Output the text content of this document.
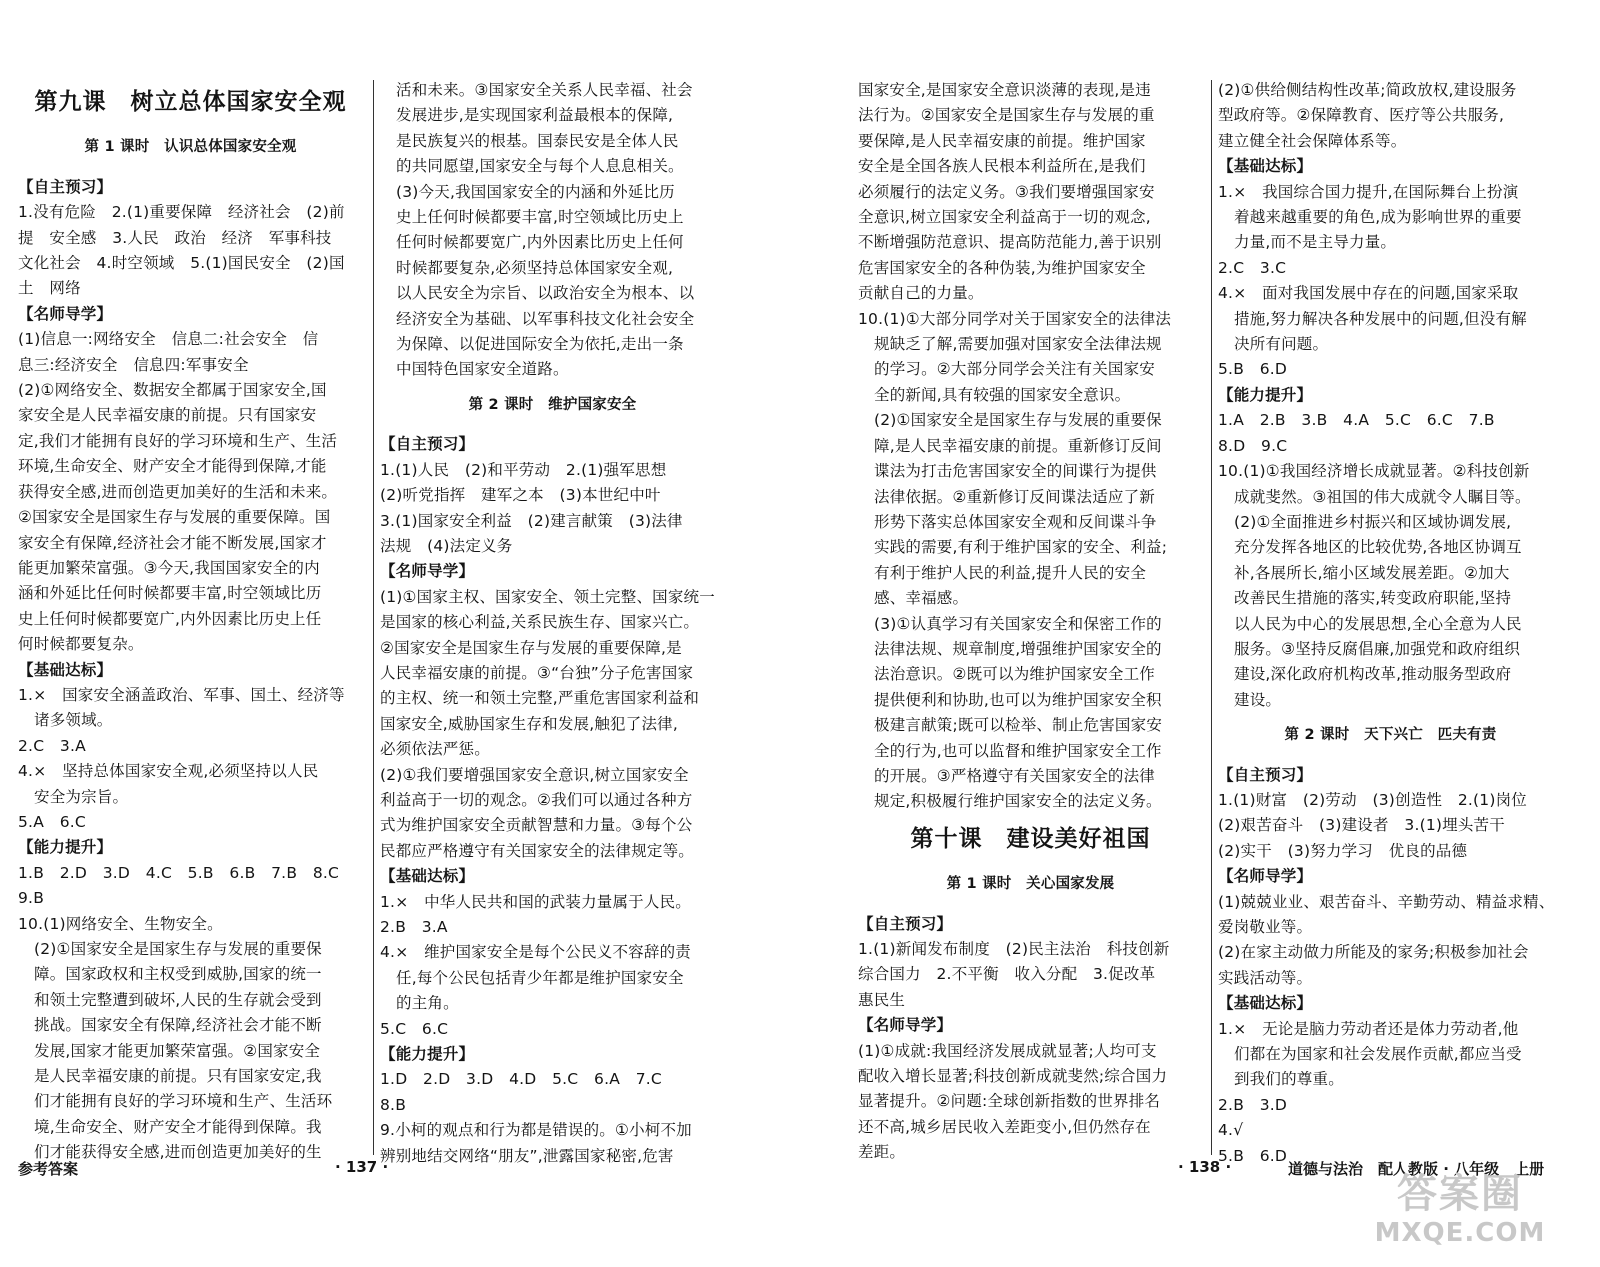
第九课　树立总体国家安全观
第 1 课时　认识总体国家安全观
【自主预习】
1.没有危险　2.(1)重要保障　经济社会　(2)前
提　安全感　3.人民　政治　经济　军事科技
文化社会　4.时空领域　5.(1)国民安全　(2)国
土　网络
【名师导学】
(1)信息一:网络安全　信息二:社会安全　信
息三:经济安全　信息四:军事安全
(2)①网络安全、数据安全都属于国家安全,国
家安全是人民幸福安康的前提。只有国家安
定,我们才能拥有良好的学习环境和生产、生活
环境,生命安全、财产安全才能得到保障,才能
获得安全感,进而创造更加美好的生活和未来。
②国家安全是国家生存与发展的重要保障。国
家安全有保障,经济社会才能不断发展,国家才
能更加繁荣富强。③今天,我国国家安全的内
涵和外延比任何时候都要丰富,时空领域比历
史上任何时候都要宽广,内外因素比历史上任
何时候都要复杂。
【基础达标】
1.×　国家安全涵盖政治、军事、国土、经济等
诸多领域。
2.C　3.A
4.×　坚持总体国家安全观,必须坚持以人民
安全为宗旨。
5.A　6.C
【能力提升】
1.B　2.D　3.D　4.C　5.B　6.B　7.B　8.C
9.B
10.(1)网络安全、生物安全。
(2)①国家安全是国家生存与发展的重要保
障。国家政权和主权受到威胁,国家的统一
和领土完整遭到破坏,人民的生存就会受到
挑战。国家安全有保障,经济社会才能不断
发展,国家才能更加繁荣富强。②国家安全
是人民幸福安康的前提。只有国家安定,我
们才能拥有良好的学习环境和生产、生活环
境,生命安全、财产安全才能得到保障。我
们才能获得安全感,进而创造更加美好的生
活和未来。③国家安全关系人民幸福、社会
发展进步,是实现国家利益最根本的保障,
是民族复兴的根基。国泰民安是全体人民
的共同愿望,国家安全与每个人息息相关。
(3)今天,我国国家安全的内涵和外延比历
史上任何时候都要丰富,时空领域比历史上
任何时候都要宽广,内外因素比历史上任何
时候都要复杂,必须坚持总体国家安全观,
以人民安全为宗旨、以政治安全为根本、以
经济安全为基础、以军事科技文化社会安全
为保障、以促进国际安全为依托,走出一条
中国特色国家安全道路。
第 2 课时　维护国家安全
【自主预习】
1.(1)人民　(2)和平劳动　2.(1)强军思想
(2)听党指挥　建军之本　(3)本世纪中叶
3.(1)国家安全利益　(2)建言献策　(3)法律
法规　(4)法定义务
【名师导学】
(1)①国家主权、国家安全、领土完整、国家统一
是国家的核心利益,关系民族生存、国家兴亡。
②国家安全是国家生存与发展的重要保障,是
人民幸福安康的前提。③“台独”分子危害国家
的主权、统一和领土完整,严重危害国家利益和
国家安全,威胁国家生存和发展,触犯了法律,
必须依法严惩。
(2)①我们要增强国家安全意识,树立国家安全
利益高于一切的观念。②我们可以通过各种方
式为维护国家安全贡献智慧和力量。③每个公
民都应严格遵守有关国家安全的法律规定等。
【基础达标】
1.×　中华人民共和国的武装力量属于人民。
2.B　3.A
4.×　维护国家安全是每个公民义不容辞的责
任,每个公民包括青少年都是维护国家安全
的主角。
5.C　6.C
【能力提升】
1.D　2.D　3.D　4.D　5.C　6.A　7.C
8.B
9.小柯的观点和行为都是错误的。①小柯不加
辨别地结交网络“朋友”,泄露国家秘密,危害
参考答案	· 137 ·
国家安全,是国家安全意识淡薄的表现,是违
法行为。②国家安全是国家生存与发展的重
要保障,是人民幸福安康的前提。维护国家
安全是全国各族人民根本利益所在,是我们
必须履行的法定义务。③我们要增强国家安
全意识,树立国家安全利益高于一切的观念,
不断增强防范意识、提高防范能力,善于识别
危害国家安全的各种伪装,为维护国家安全
贡献自己的力量。
10.(1)①大部分同学对关于国家安全的法律法
规缺乏了解,需要加强对国家安全法律法规
的学习。②大部分同学会关注有关国家安
全的新闻,具有较强的国家安全意识。
(2)①国家安全是国家生存与发展的重要保
障,是人民幸福安康的前提。重新修订反间
谍法为打击危害国家安全的间谍行为提供
法律依据。②重新修订反间谍法适应了新
形势下落实总体国家安全观和反间谍斗争
实践的需要,有利于维护国家的安全、利益;
有利于维护人民的利益,提升人民的安全
感、幸福感。
(3)①认真学习有关国家安全和保密工作的
法律法规、规章制度,增强维护国家安全的
法治意识。②既可以为维护国家安全工作
提供便利和协助,也可以为维护国家安全积
极建言献策;既可以检举、制止危害国家安
全的行为,也可以监督和维护国家安全工作
的开展。③严格遵守有关国家安全的法律
规定,积极履行维护国家安全的法定义务。
第十课　建设美好祖国
第 1 课时　关心国家发展
【自主预习】
1.(1)新闻发布制度　(2)民主法治　科技创新
综合国力　2.不平衡　收入分配　3.促改革
惠民生
【名师导学】
(1)①成就:我国经济发展成就显著;人均可支
配收入增长显著;科技创新成就斐然;综合国力
显著提升。②问题:全球创新指数的世界排名
还不高,城乡居民收入差距变小,但仍然存在
差距。
(2)①供给侧结构性改革;简政放权,建设服务
型政府等。②保障教育、医疗等公共服务,
建立健全社会保障体系等。
【基础达标】
1.×　我国综合国力提升,在国际舞台上扮演
着越来越重要的角色,成为影响世界的重要
力量,而不是主导力量。
2.C　3.C
4.×　面对我国发展中存在的问题,国家采取
措施,努力解决各种发展中的问题,但没有解
决所有问题。
5.B　6.D
【能力提升】
1.A　2.B　3.B　4.A　5.C　6.C　7.B
8.D　9.C
10.(1)①我国经济增长成就显著。②科技创新
成就斐然。③祖国的伟大成就令人瞩目等。
(2)①全面推进乡村振兴和区域协调发展,
充分发挥各地区的比较优势,各地区协调互
补,各展所长,缩小区域发展差距。②加大
改善民生措施的落实,转变政府职能,坚持
以人民为中心的发展思想,全心全意为人民
服务。③坚持反腐倡廉,加强党和政府组织
建设,深化政府机构改革,推动服务型政府
建设。
第 2 课时　天下兴亡　匹夫有责
【自主预习】
1.(1)财富　(2)劳动　(3)创造性　2.(1)岗位
(2)艰苦奋斗　(3)建设者　3.(1)埋头苦干
(2)实干　(3)努力学习　优良的品德
【名师导学】
(1)兢兢业业、艰苦奋斗、辛勤劳动、精益求精、
爱岗敬业等。
(2)在家主动做力所能及的家务;积极参加社会
实践活动等。
【基础达标】
1.×　无论是脑力劳动者还是体力劳动者,他
们都在为国家和社会发展作贡献,都应当受
到我们的尊重。
2.B　3.D
4.√
5.B　6.D
· 138 ·	道德与法治　配人教版 · 八年级　上册
答案圈
MXQE.COM
